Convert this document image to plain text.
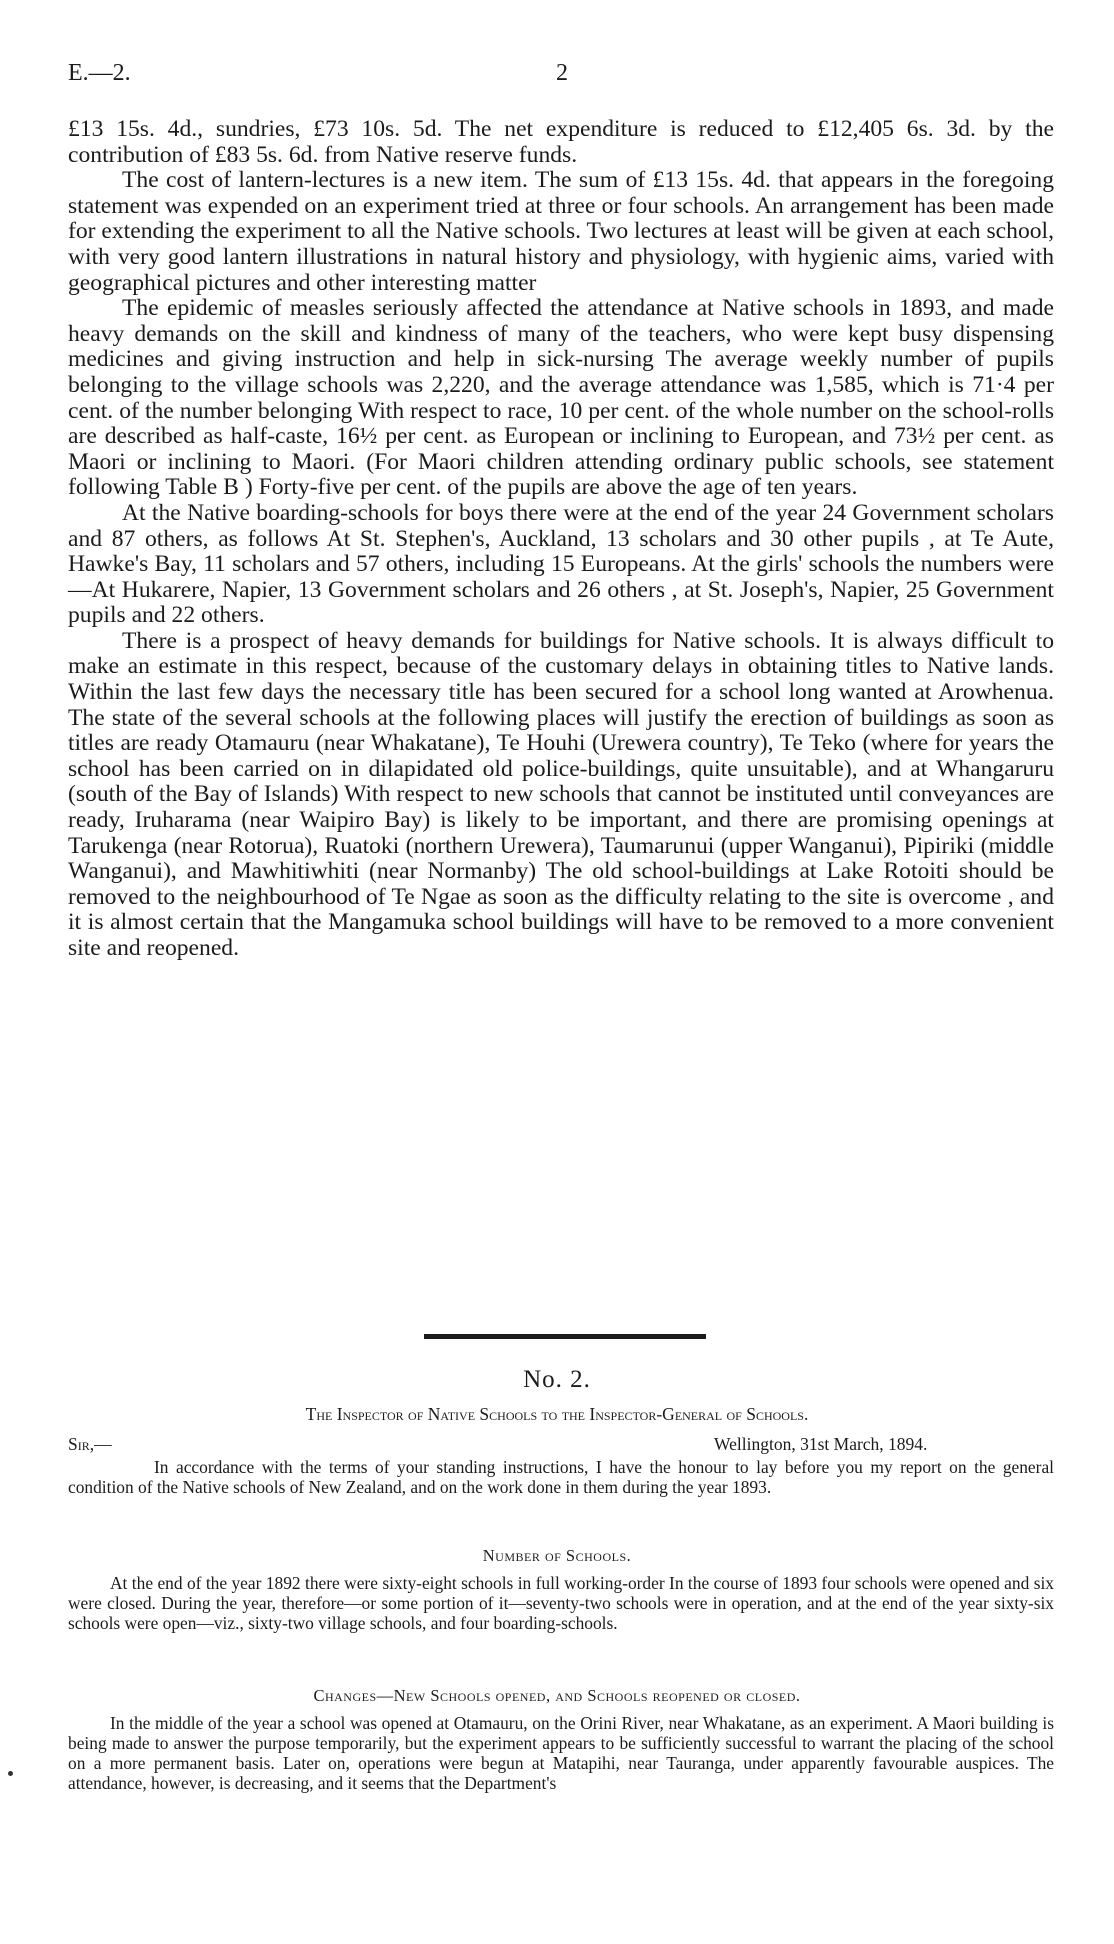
E.—2.	2

£13 15s. 4d., sundries, £73 10s. 5d. The net expenditure is reduced to £12,405 6s. 3d. by the contribution of £83 5s. 6d. from Native reserve funds.

The cost of lantern-lectures is a new item. The sum of £13 15s. 4d. that appears in the foregoing statement was expended on an experiment tried at three or four schools. An arrangement has been made for extending the experiment to all the Native schools. Two lectures at least will be given at each school, with very good lantern illustrations in natural history and physiology, with hygienic aims, varied with geographical pictures and other interesting matter

The epidemic of measles seriously affected the attendance at Native schools in 1893, and made heavy demands on the skill and kindness of many of the teachers, who were kept busy dispensing medicines and giving instruction and help in sick-nursing The average weekly number of pupils belonging to the village schools was 2,220, and the average attendance was 1,585, which is 71·4 per cent. of the number belonging With respect to race, 10 per cent. of the whole number on the school-rolls are described as half-caste, 16½ per cent. as European or inclining to European, and 73½ per cent. as Maori or inclining to Maori. (For Maori children attending ordinary public schools, see statement following Table B ) Forty-five per cent. of the pupils are above the age of ten years.

At the Native boarding-schools for boys there were at the end of the year 24 Government scholars and 87 others, as follows At St. Stephen's, Auckland, 13 scholars and 30 other pupils , at Te Aute, Hawke's Bay, 11 scholars and 57 others, including 15 Europeans. At the girls' schools the numbers were—At Hukarere, Napier, 13 Government scholars and 26 others , at St. Joseph's, Napier, 25 Government pupils and 22 others.

There is a prospect of heavy demands for buildings for Native schools. It is always difficult to make an estimate in this respect, because of the customary delays in obtaining titles to Native lands. Within the last few days the necessary title has been secured for a school long wanted at Arowhenua. The state of the several schools at the following places will justify the erection of buildings as soon as titles are ready Otamauru (near Whakatane), Te Houhi (Urewera country), Te Teko (where for years the school has been carried on in dilapidated old police-buildings, quite unsuitable), and at Whangaruru (south of the Bay of Islands) With respect to new schools that cannot be instituted until conveyances are ready, Iruharama (near Waipiro Bay) is likely to be important, and there are promising openings at Tarukenga (near Rotorua), Ruatoki (northern Urewera), Taumarunui (upper Wanganui), Pipiriki (middle Wanganui), and Mawhitiwhiti (near Normanby) The old school-buildings at Lake Rotoiti should be removed to the neighbourhood of Te Ngae as soon as the difficulty relating to the site is overcome , and it is almost certain that the Mangamuka school buildings will have to be removed to a more convenient site and reopened.

No. 2.
The Inspector of Native Schools to the Inspector-General of Schools.
Sir,—	Wellington, 31st March, 1894.

In accordance with the terms of your standing instructions, I have the honour to lay before you my report on the general condition of the Native schools of New Zealand, and on the work done in them during the year 1893.

Number of Schools.

At the end of the year 1892 there were sixty-eight schools in full working-order In the course of 1893 four schools were opened and six were closed. During the year, therefore—or some portion of it—seventy-two schools were in operation, and at the end of the year sixty-six schools were open—viz., sixty-two village schools, and four boarding-schools.

Changes—New Schools opened, and Schools reopened or closed.

In the middle of the year a school was opened at Otamauru, on the Orini River, near Whakatane, as an experiment. A Maori building is being made to answer the purpose temporarily, but the experiment appears to be sufficiently successful to warrant the placing of the school on a more permanent basis. Later on, operations were begun at Matapihi, near Tauranga, under apparently favourable auspices. The attendance, however, is decreasing, and it seems that the Department's
